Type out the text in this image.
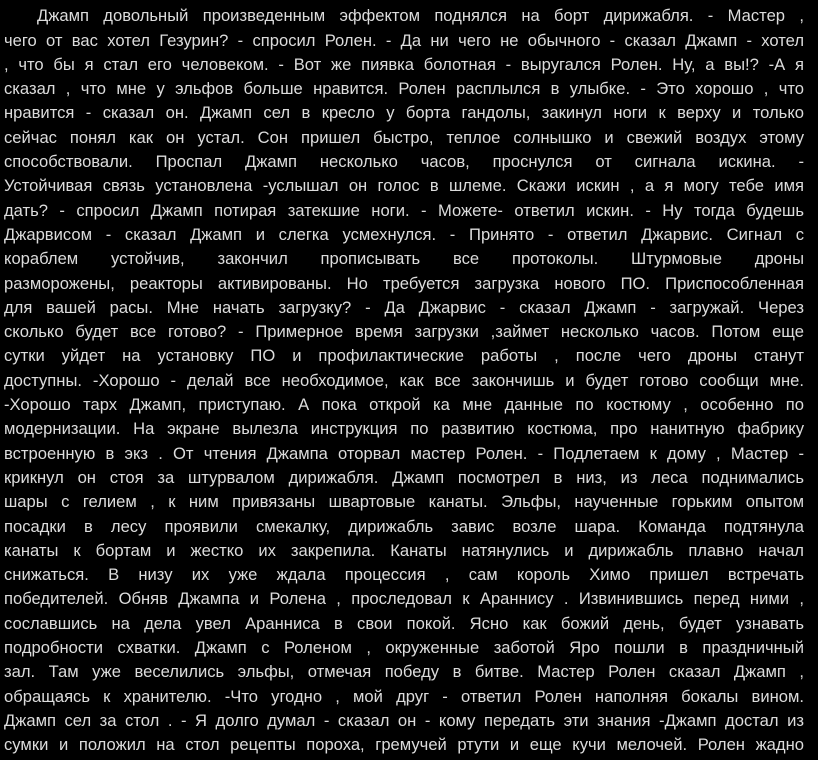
Джамп довольный произведенным эффектом поднялся на борт дирижабля. - Мастер ,
чего от вас хотел Гезурин? - спросил Ролен. - Да ни чего не обычного - сказал Джамп - хотел
, что бы я стал его человеком. - Вот же пиявка болотная - выругался Ролен. Ну, а вы!? -А я
сказал , что мне у эльфов больше нравится. Ролен расплылся в улыбке. - Это хорошо , что
нравится - сказал он. Джамп сел в кресло у борта гандолы, закинул ноги к верху и только
сейчас понял как он устал. Сон пришел быстро, теплое солнышко и свежий воздух этому
способствовали. Проспал Джамп несколько часов, проснулся от сигнала искина. -
Устойчивая связь установлена -услышал он голос в шлеме. Скажи искин , а я могу тебе имя
дать? - спросил Джамп потирая затекшие ноги. - Можете- ответил искин. - Ну тогда будешь
Джарвисом - сказал Джамп и слегка усмехнулся. - Принято - ответил Джарвис. Сигнал с
кораблем устойчив, закончил прописывать все протоколы. Штурмовые дроны
разморожены, реакторы активированы. Но требуется загрузка нового ПО. Приспособленная
для вашей расы. Мне начать загрузку? - Да Джарвис - сказал Джамп - загружай. Через
сколько будет все готово? - Примерное время загрузки ,займет несколько часов. Потом еще
сутки уйдет на установку ПО и профилактические работы , после чего дроны станут
доступны. -Хорошо - делай все необходимое, как все закончишь и будет готово сообщи мне.
-Хорошо тарх Джамп, приступаю. А пока открой ка мне данные по костюму , особенно по
модернизации. На экране вылезла инструкция по развитию костюма, про нанитную фабрику
встроенную в экз . От чтения Джампа оторвал мастер Ролен. - Подлетаем к дому , Мастер -
крикнул он стоя за штурвалом дирижабля. Джамп посмотрел в низ, из леса поднимались
шары с гелием , к ним привязаны швартовые канаты. Эльфы, наученные горьким опытом
посадки в лесу проявили смекалку, дирижабль завис возле шара. Команда подтянула
канаты к бортам и жестко их закрепила. Канаты натянулись и дирижабль плавно начал
снижаться. В низу их уже ждала процессия , сам король Химо пришел встречать
победителей. Обняв Джампа и Ролена , проследовал к Араннису . Извинившись перед ними ,
сославшись на дела увел Аранниса в свои покой. Ясно как божий день, будет узнавать
подробности схватки. Джамп с Роленом , окруженные заботой Яро пошли в праздничный
зал. Там уже веселились эльфы, отмечая победу в битве. Мастер Ролен сказал Джамп ,
обращаясь к хранителю. -Что угодно , мой друг - ответил Ролен наполняя бокалы вином.
Джамп сел за стол . - Я долго думал - сказал он - кому передать эти знания -Джамп достал из
сумки и положил на стол рецепты пороха, гремучей ртути и еще кучи мелочей. Ролен жадно
